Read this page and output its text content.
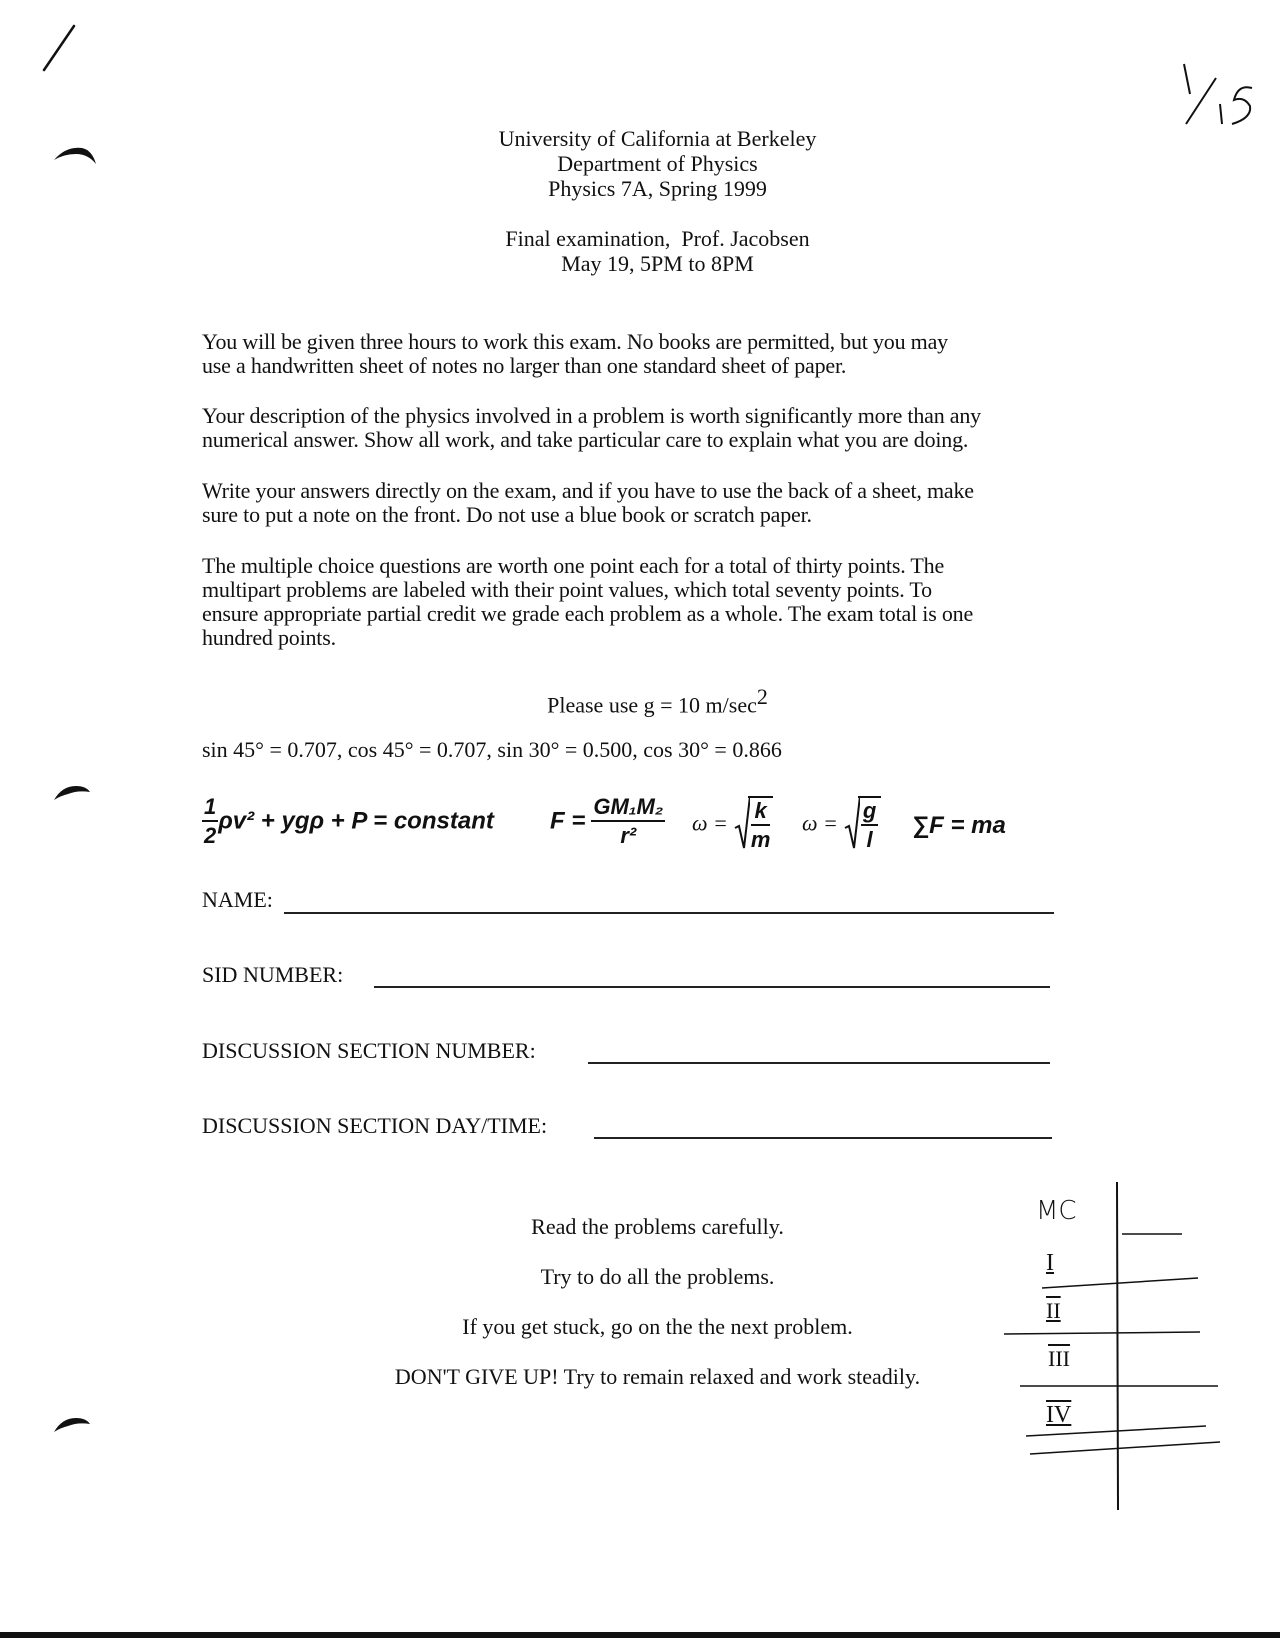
University of California at Berkeley
Department of Physics
Physics 7A, Spring 1999
Final examination,  Prof. Jacobsen
May 19, 5PM to 8PM
You will be given three hours to work this exam. No books are permitted, but you may
use a handwritten sheet of notes no larger than one standard sheet of paper.
Your description of the physics involved in a problem is worth significantly more than any
numerical answer. Show all work, and take particular care to explain what you are doing.
Write your answers directly on the exam, and if you have to use the back of a sheet, make
sure to put a note on the front. Do not use a blue book or scratch paper.
The multiple choice questions are worth one point each for a total of thirty points. The
multipart problems are labeled with their point values, which total seventy points. To
ensure appropriate partial credit we grade each problem as a whole. The exam total is one
hundred points.
Please use g = 10 $m/\sec^2$
sin 45° = 0.707, cos 45° = 0.707, sin 30° = 0.500, cos 30° = 0.866
$\frac{1}{2} \rho v^2 + yg\rho + P$ = constant $F = \frac{\text{GM₁M₂}}{\text{r²}}$ $\omega = \frac{k}{m}$ $\omega = \frac{g}{l} \sum F$ = ma
NAME:
SID NUMBER:
DISCUSSION SECTION NUMBER:
DISCUSSION SECTION DAY/TIME:
Read the problems carefully.
Try to do all the problems.
If you get stuck, go on the the next problem.
DON'T GIVE UP! Try to remain relaxed and work steadily.
MC
I
II
$\overline{III}$
IV
